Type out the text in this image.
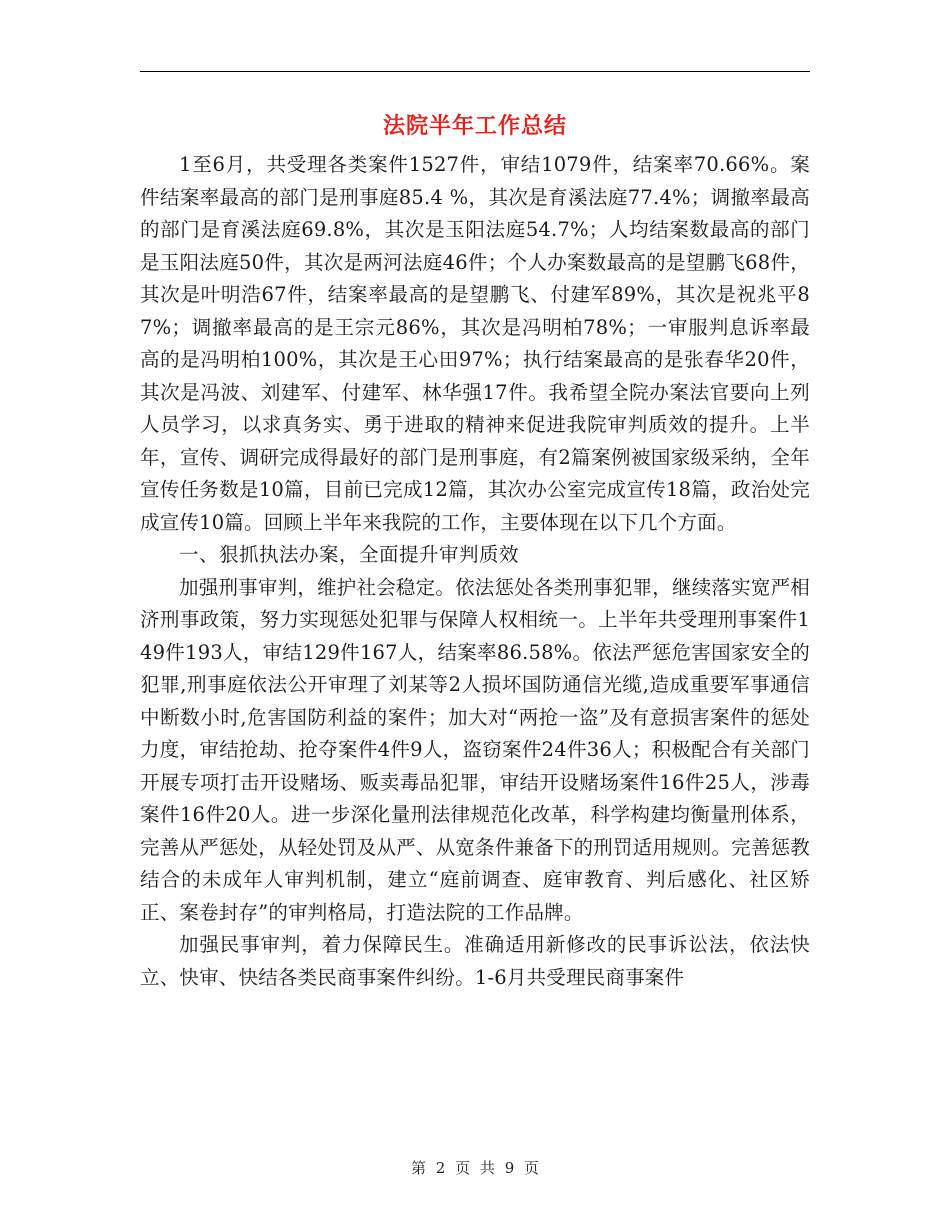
法院半年工作总结

1至6月，共受理各类案件1527件，审结1079件，结案率70.66%。案件结案率最高的部门是刑事庭85.4 %，其次是育溪法庭77.4%；调撤率最高的部门是育溪法庭69.8%，其次是玉阳法庭54.7%；人均结案数最高的部门是玉阳法庭50件，其次是两河法庭46件；个人办案数最高的是望鹏飞68件，其次是叶明浩67件，结案率最高的是望鹏飞、付建军89%，其次是祝兆平87%；调撤率最高的是王宗元86%，其次是冯明柏78%；一审服判息诉率最高的是冯明柏100%，其次是王心田97%；执行结案最高的是张春华20件，其次是冯波、刘建军、付建军、林华强17件。我希望全院办案法官要向上列人员学习，以求真务实、勇于进取的精神来促进我院审判质效的提升。上半年，宣传、调研完成得最好的部门是刑事庭，有2篇案例被国家级采纳，全年宣传任务数是10篇，目前已完成12篇，其次办公室完成宣传18篇，政治处完成宣传10篇。回顾上半年来我院的工作，主要体现在以下几个方面。

一、狠抓执法办案，全面提升审判质效

加强刑事审判，维护社会稳定。依法惩处各类刑事犯罪，继续落实宽严相济刑事政策，努力实现惩处犯罪与保障人权相统一。上半年共受理刑事案件149件193人，审结129件167人，结案率86.58%。依法严惩危害国家安全的犯罪,刑事庭依法公开审理了刘某等2人损坏国防通信光缆,造成重要军事通信中断数小时,危害国防利益的案件；加大对“两抢一盗”及有意损害案件的惩处力度，审结抢劫、抢夺案件4件9人，盗窃案件24件36人；积极配合有关部门开展专项打击开设赌场、贩卖毒品犯罪，审结开设赌场案件16件25人，涉毒案件16件20人。进一步深化量刑法律规范化改革，科学构建均衡量刑体系，完善从严惩处，从轻处罚及从严、从宽条件兼备下的刑罚适用规则。完善惩教结合的未成年人审判机制，建立“庭前调查、庭审教育、判后感化、社区矫正、案卷封存”的审判格局，打造法院的工作品牌。

加强民事审判，着力保障民生。准确适用新修改的民事诉讼法，依法快立、快审、快结各类民商事案件纠纷。1-6月共受理民商事案件

第 2 页 共 9 页
